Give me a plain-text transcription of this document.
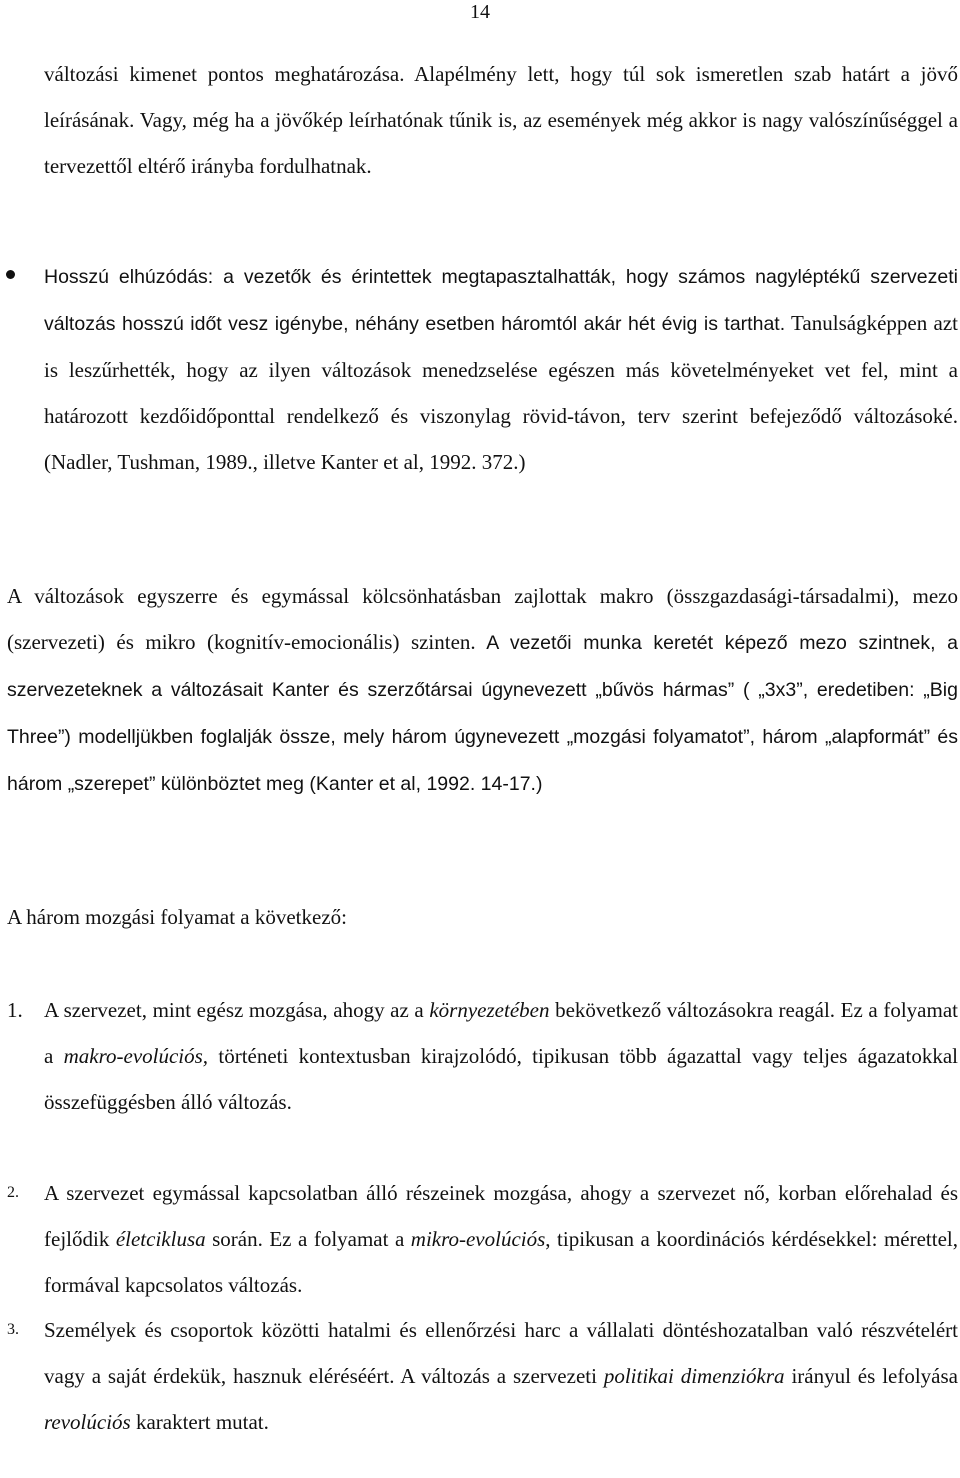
14

változási kimenet pontos meghatározása. Alapélmény lett, hogy túl sok ismeretlen szab határt a jövő leírásának. Vagy, még ha a jövőkép leírhatónak tűnik is, az események még akkor is nagy valószínűséggel a tervezettől eltérő irányba fordulhatnak.

Hosszú elhúzódás: a vezetők és érintettek megtapasztalhatták, hogy számos nagyléptékű szervezeti változás hosszú időt vesz igénybe, néhány esetben háromtól akár hét évig is tarthat. Tanulságképpen azt is leszűrhették, hogy az ilyen változások menedzselése egészen más követelményeket vet fel, mint a határozott kezdőidőponttal rendelkező és viszonylag rövid-távon, terv szerint befejeződő változásoké. (Nadler, Tushman, 1989., illetve Kanter et al, 1992. 372.)

A változások egyszerre és egymással kölcsönhatásban zajlottak makro (összgazdasági-társadalmi), mezo (szervezeti) és mikro (kognitív-emocionális) szinten. A vezetői munka keretét képező mezo szintnek, a szervezeteknek a változásait Kanter és szerzőtársai úgynevezett „bűvös hármas” ( „3x3”, eredetiben: „Big Three”) modelljükben foglalják össze, mely három úgynevezett „mozgási folyamatot”, három „alapformát” és három „szerepet” különböztet meg (Kanter et al, 1992. 14-17.)

A három mozgási folyamat a következő:

1.	A szervezet, mint egész mozgása, ahogy az a környezetében bekövetkező változásokra reagál. Ez a folyamat a makro-evolúciós, történeti kontextusban kirajzolódó, tipikusan több ágazattal vagy teljes ágazatokkal összefüggésben álló változás.
2.	A szervezet egymással kapcsolatban álló részeinek mozgása, ahogy a szervezet nő, korban előrehalad és fejlődik életciklusa során. Ez a folyamat a mikro-evolúciós, tipikusan a koordinációs kérdésekkel: mérettel, formával kapcsolatos változás.
3.	Személyek és csoportok közötti hatalmi és ellenőrzési harc a vállalati döntéshozatalban való részvételért vagy a saját érdekük, hasznuk eléréséért. A változás a szervezeti politikai dimenziókra irányul és lefolyása revolúciós karaktert mutat.
